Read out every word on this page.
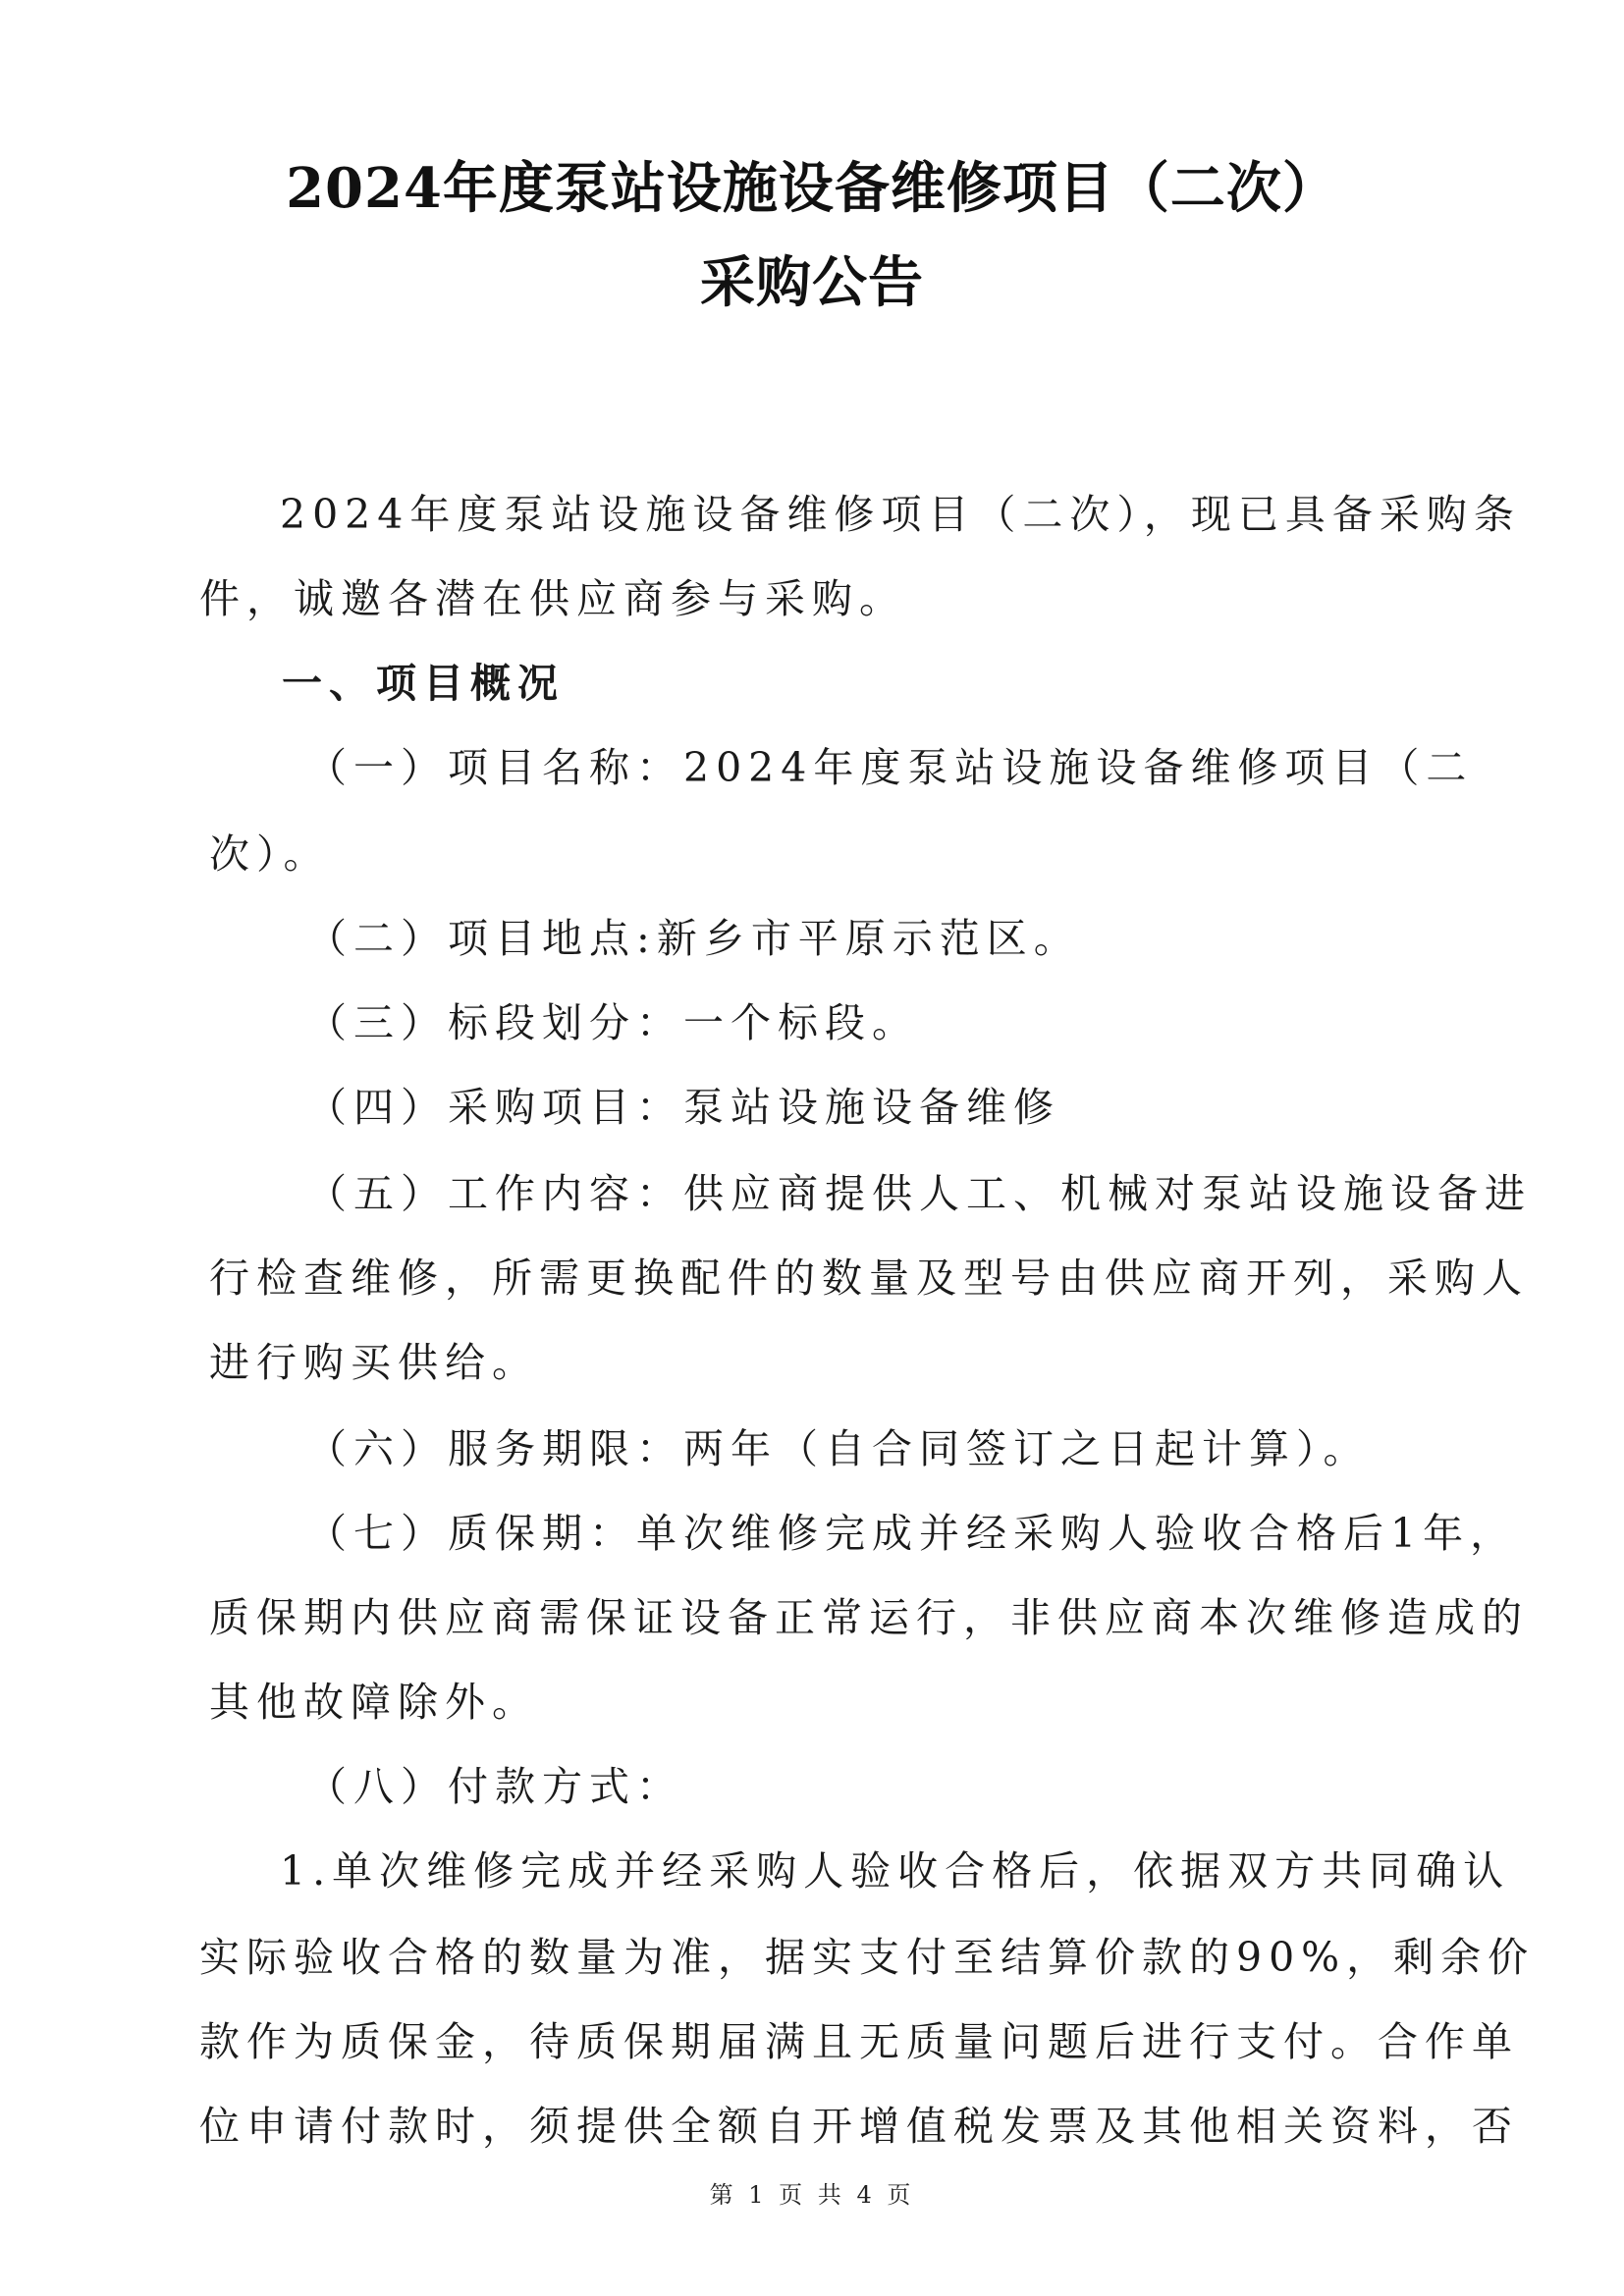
2024年度泵站设施设备维修项目（二次）
采购公告
2024年度泵站设施设备维修项目（二次），现已具备采购条
件，诚邀各潜在供应商参与采购。
一、项目概况
（一）项目名称：2024年度泵站设施设备维修项目（二
次）。
（二）项目地点:新乡市平原示范区。
（三）标段划分：一个标段。
（四）采购项目：泵站设施设备维修
（五）工作内容：供应商提供人工、机械对泵站设施设备进
行检查维修，所需更换配件的数量及型号由供应商开列，采购人
进行购买供给。
（六）服务期限：两年（自合同签订之日起计算）。
（七）质保期：单次维修完成并经采购人验收合格后1年，
质保期内供应商需保证设备正常运行，非供应商本次维修造成的
其他故障除外。
（八）付款方式：
1.单次维修完成并经采购人验收合格后，依据双方共同确认
实际验收合格的数量为准，据实支付至结算价款的90%，剩余价
款作为质保金，待质保期届满且无质量问题后进行支付。合作单
位申请付款时，须提供全额自开增值税发票及其他相关资料，否
第 1 页 共 4 页
